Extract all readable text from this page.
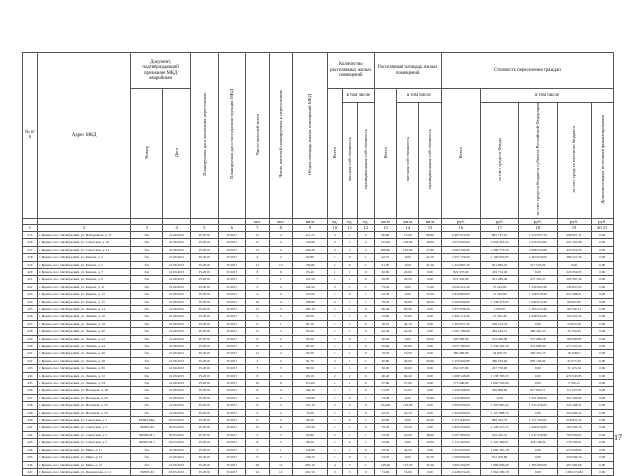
№ п/п	Адрес МКД	Документ, подтверждающий признание МКД аварийным		Планируемая дата окончания переселения	Планируемая дата сноса/реконструкции МКД	Число жителей всего	Число жителей планируемых к переселению	Общая площадь жилых помещений МКД	Количество расселяемых жилых помещений			Расселяемая площадь жилых помещений			Стоимость переселения граждан				
		Номер	Дата						Всего	в том числе		Всего	в том числе		Всего	в том числе			
										частная собственность	муниципальная собственность		частная собственность	муниципальная собственность		за счет средств Фонда	за счет средств бюджета субъекта Российской Федерации	за счет средств местного бюджета	Дополнительные источники финансирования
						чел.	чел.	кв.м	ед.	ед.	ед.	кв.м	кв.м	кв.м	руб.	руб.	руб.	руб.	руб.
1	2	3	4	5	6	7	8	9	10	11	12	13	14	15	16	17	18	19	20 21
415	г. Брянск, пос. Октябрьский, ул. Набережная, д. 17	б/н	21.09.2015	IV.2016	IV.2017	11	4	111,15	3	1	2	96,60	13,00	96,60	2 497 912,00	881 727,10	1 272 657,79	299 927,11	0,00
416	г. Брянск, пос. Октябрьский, ул. Советская, д. 16	б/н	21.09.2015	IV.2016	IV.2017	15	4	145,60	3	1	2	132,00	102,00	30,00	3 075 000,00	2 354 916,53	1 079 453,82	221 561,90	0,00
417	г. Брянск, пос. Октябрьский, ул. Советская, д. 21	б/н	21.09.2015	IV.2016	IV.2017	13	4	220,20	5	3	2	208,60	181,00	27,60	5 084 344,00	1 360 773,59	2 068 553,66	447 016,35	0,00
418	г. Брянск, пос. Октябрьский, ул. Кирова, д. 3	б/н	21.09.2015	IV.2016	IV.2017	4	2	62,80	1	0	1	42,10	0,00	42,10	1 957 176,00	1 100 955,83	1 304 970,00	380 221,32	0,00
419	г. Брянск, пос. Октябрьский, ул. Кирова, д. 5	б/н	21.09.2015	IV.2016	IV.2017	17	13	130,80	1	0	1	41,50	0,00	41,50	1 522 807,20	651 863,25	517 523,02	0,00	0,00
420	г. Брянск, пос. Октябрьский, ул. Кирова, д. 7	б/н	21.09.2015	IV.2016	IV.2017	8	6	93,40	1	1	0	20,00	20,00	0,00	822 537,60	455 713,93	0,00	229 354,95	0,00
421	г. Брянск, пос. Октябрьский, ул. Кирова, д. 9	б/н	21.09.2015	IV.2016	IV.2017	7	1	121,50	1	1	0	29,50	29,50	0,00	972 322,00	221 289,40	475 303,37	295 587,20	0,00
422	г. Брянск, пос. Октябрьский, ул. Кирова, д. 11	б/н	21.09.2015	IV.2016	IV.2017	5	2	124,50	2	1	1	73,20	0,00	73,20	2 029 411,20	37 222,80	1 530 903,36	134 837,05	0,00
423	г. Брянск, пос. Октябрьский, ул. Кирова, д. 13	б/н	21.09.2015	IV.2016	IV.2017	4	2	123,00	1	0	1	52,30	0,00	52,30	1 818 800,00	31 222,80	1 148 018,40	251 908,01	0,00
424	г. Брянск, пос. Октябрьский, ул. Кирова, д. 15	б/н	21.09.2015	IV.2016	IV.2017	16	4	108,80	2	1	1	79,50	30,00	49,50	2 594 994,00	1 138 475,03	1 049 015,40	96 907,80	0,00
425	г. Брянск, пос. Октябрьский, ул. Ленина, д. 14	б/н	21.09.2015	IV.2016	IV.2017	13	5	163,10	1	1	0	60,40	60,40	0,00	1 857 839,20	1 950,87	1 363 372,46	99 730,13	0,00
426	г. Брянск, пос. Октябрьский, ул. Ленина, д. 16	б/н	21.09.2015	IV.2016	IV.2017	5	3	83,00	1	1	0	53,60	53,60	0,00	1 862 114,20	15 361,40	1 638 934,45	195 223,43	0,00
427	г. Брянск, пос. Октябрьский, ул. Ленина, д. 18	б/н	21.09.2015	IV.2016	IV.2017	6	1	82,10	1	1	0	40,10	40,10	0,00	1 293 877,20	220 413,33	0,00	53 815,50	0,00
428	г. Брянск, пос. Октябрьский, ул. Ленина, д. 20	б/н	21.09.2015	IV.2016	IV.2017	6	3	83,20	1	1	0	42,40	42,40	0,00	1 001 789,90	284 263,13	580 391,23	35 150,45	0,00
429	г. Брянск, пос. Октябрьский, ул. Ленина, д. 22	б/н	21.09.2015	IV.2016	IV.2017	8	2	95,20	1	0	1	20,00	0,00	20,00	595 000,00	161 366,99	275 984,18	168 090,85	0,00
430	г. Брянск, пос. Октябрьский, ул. Ленина, д. 24	б/н	21.09.2015	IV.2016	IV.2017	9	2	85,50	1	1	0	65,60	65,60	0,00	2 037 380,00	1 234 562,30	274 000,00	277 225,42	0,00
431	г. Брянск, пос. Октябрьский, ул. Ленина, д. 26	б/н	21.09.2015	IV.2016	IV.2017	11	4	95,50	1	1	0	19,50	19,50	0,00	480 490,00	34 970,79	393 372,15	16 328,01	0,00
432	г. Брянск, пос. Октябрьский, ул. Ленина, д. 28	б/н	21.09.2015	IV.2016	IV.2017	2	2	81,70	2	1	1	40,60	20,00	20,60	1 250 064,80	360 193,64	895 193,94	47 077,45	0,00
433	г. Брянск, пос. Октябрьский, ул. Ленина, д. 30	б/н	21.09.2015	IV.2016	IV.2017	7	3	80,50	1	1	0	30,00	30,00	0,00	652 327,80	227 750,00	0,00	31 123,16	0,00
434	г. Брянск, пос. Октябрьский, ул. Ленина, д. 32	б/н	21.09.2015	IV.2016	IV.2017	8	4	90,10	2	2	0	60,40	60,40	0,00	1 998 128,00	1 138 765,33	0,00	479 345,85	0,00
435	г. Брянск, пос. Октябрьский, ул. Ленина, д. 34	б/н	21.09.2015	IV.2016	IV.2017	10	6	115,00	1	1	0	27,60	27,60	0,00	775 440,00	1 062 520,00	0,00	5 700,11	0,00
436	г. Брянск, пос. Октябрьский, ул. Нагорная, д. 18	б/н	21.09.2015	IV.2016	IV.2017	8	4	140,10	1	1	0	51,05	51,05	0,00	1 259 368,00	439 999,00	617 822,11	111 527,91	0,00
437	г. Брянск, пос. Октябрьский, ул. Нагорная, д. 20	б/н	21.09.2015	IV.2016	IV.2017	6	2	130,80	1	0	1	53,40	0,00	53,40	1 250 800,00	0,00	1 021 600,00	322 595,60	0,00
438	г. Брянск, пос. Октябрьский, ул. Нагорная, д. 22	б/н	21.09.2015	IV.2016	IV.2017	8	4	151,10	2	2	0	104,00	104,00	0,00	2 993 000,00	1 325 965,22	1 315 276,85	224 108,21	0,00
439	г. Брянск, пос. Октябрьский, ул. Нагорная, д. 24	б/н	21.09.2015	IV.2016	IV.2017	4	2	70,40	1	1	0	42,10	42,10	0,00	1 920 000,00	1 121 898,72	0,00	220 990,22	0,00
440	г. Брянск, пос. Октябрьский, ул. Советская, д. 1	38/804-Мкс	05.03.2015	IV.2016	IV.2017	6	4	96,20	1	0	1	42,00	0,00	42,00	2 171 640,00	885 322,73	1 157 325,91	218 831,25	0,00
441	г. Брянск, пос. Октябрьский, ул. Советская, д. 3	38/803-М	05.03.2015	IV.2016	IV.2017	12	8	137,90	1	1	0	79,50	79,50	0,00	1 845 550,00	1 126 215,15	1 240 070,83	193 350,76	0,00
442	г. Брянск, пос. Октябрьский, ул. Советская, д. 5	38/806-М 1	05.03.2015	IV.2016	IV.2017	3	3	62,80	2	1	1	53,20	20,00	48,00	2 507 800,00	552 422,31	1 237 418,96	709 030,05	0,00
443	г. Брянск, пос. Октябрьский, ул. Советская, д. 7	38/805-М 1	05.03.2015	IV.2016	IV.2017	8	5	68,20	1	0	1	52,00	0,00	52,00	1 112 565,00	1 123 360,97	318 158,02	778 796,01	0,00
444	г. Брянск, пос. Октябрьский, ул. Мира, д. 11	б/н	21.09.2015	IV.2016	IV.2017	5	1	134,60	1	1	0	34,50	34,50	0,00	1 335 020,00	1 062 391,18	0,00	272 628,82	0,00
445	г. Брянск, пос. Октябрьский, ул. Мира, д. 13	б/н	21.09.2015	IV.2016	IV.2017	6	3	136,70	1	0	1	34,70	0,00	34,70	1 069 000,00	812 070,66	0,00	256 929,34	0,00
446	г. Брянск, пос. Октябрьский, ул. Мира, д. 15	б/н	21.09.2015	IV.2016	IV.2017	26	11	663,10	4	3	1	149,00	113,70	35,30	3 602 500,00	1 800 000,00	1 395 000,00	407 500,00	0,00
447	г. Брянск, пос. Октябрьский, ул. Пионерская, д. 11	38/803-М	05.03.2015	IV.2016	IV.2017	24	14	201,50	3	3	0	74,60	74,60	0,00	2 448 674,00	1 364 399,18	0,00	1 084 274,82	0,00
17
